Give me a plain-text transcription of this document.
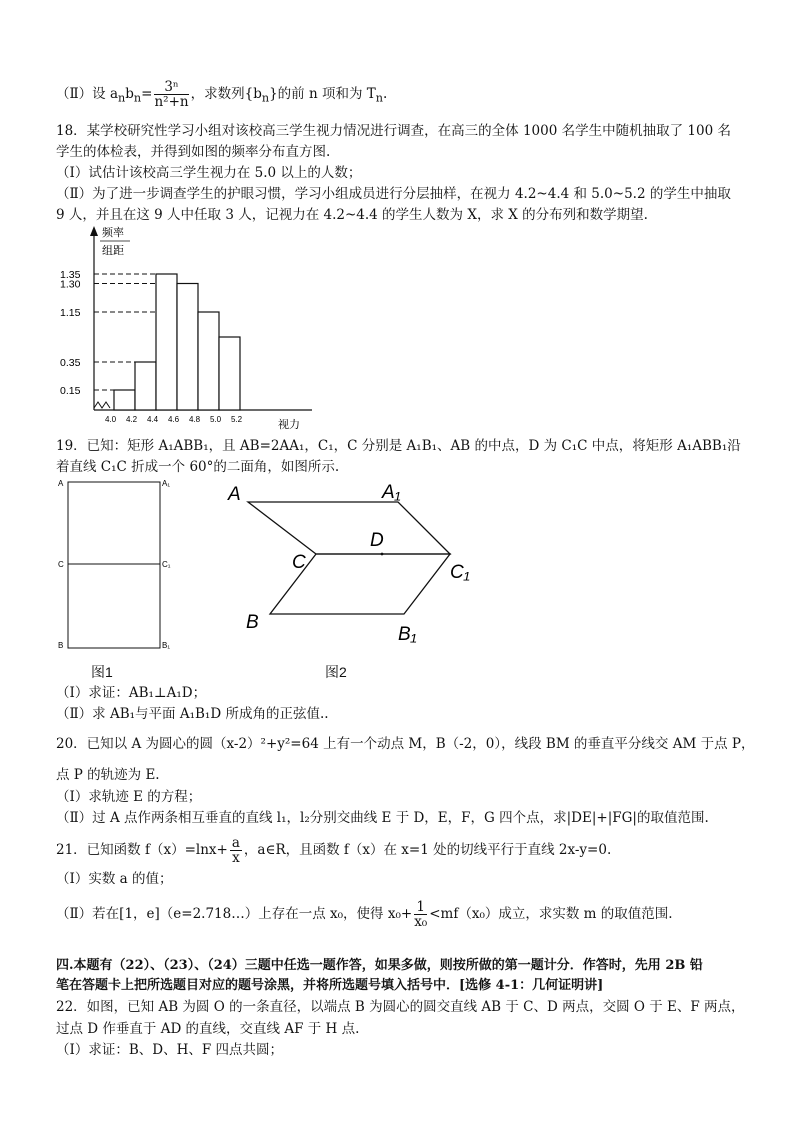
（Ⅱ）设 $a_nb_n= \frac{\text{3ⁿ}}{\text{n²+n}}$ ，求数列$\{b_n\}$的前 n 项和为 $T_n$.
18．某学校研究性学习小组对该校高三学生视力情况进行调查，在高三的全体 1000 名学生中随机抽取了 100 名
学生的体检表，并得到如图的频率分布直方图.
（Ⅰ）试估计该校高三学生视力在 5.0 以上的人数；
（Ⅱ）为了进一步调查学生的护眼习惯，学习小组成员进行分层抽样，在视力 4.2~4.4 和 5.0~5.2 的学生中抽取
9 人，并且在这 9 人中任取 3 人，记视力在 4.2~4.4 的学生人数为 X，求 X 的分布列和数学期望.
频率
组距
视力
0.15
0.35
1.15
1.30
1.35
4.0 4.2 4.4 4.6 4.8 5.0 5.2
19．已知：矩形 A₁ABB₁，且 AB=2AA₁，C₁，C 分别是 A₁B₁、AB 的中点，D 为 C₁C 中点，将矩形 A₁ABB₁沿
着直线 C₁C 折成一个 60°的二面角，如图所示.
A	A₁
C	C₁
B	B₁
图1
A	A₁
D
C	C₁
B
B₁
图2
（Ⅰ）求证：AB₁⊥A₁D；
（Ⅱ）求 AB₁与平面 A₁B₁D 所成角的正弦值..
20．已知以 A 为圆心的圆（x-2）²+y²=64 上有一个动点 M，B（-2，0），线段 BM 的垂直平分线交 AM 于点 P，
点 P 的轨迹为 E.
（Ⅰ）求轨迹 E 的方程；
（Ⅱ）过 A 点作两条相互垂直的直线 l₁，l₂分别交曲线 E 于 D，E，F，G 四个点，求|DE|+|FG|的取值范围.
21．已知函数 $f(x)=\ln x+ \frac{a}{x}$ ，a∈R，且函数 f（x）在 x=1 处的切线平行于直线 2x-y=0.
（Ⅰ）实数 a 的值；
（Ⅱ）若在[1，e]（e=2.718…）上存在一点 x₀，使得 $x_0+ \frac{1}{\text{x₀}} <mf(x_0)$成立，求实数 m 的取值范围.
四.本题有（22）、（23）、（24）三题中任选一题作答，如果多做，则按所做的第一题计分．作答时，先用 2B 铅
笔在答题卡上把所选题目对应的题号涂黑，并将所选题号填入括号中．[选修 4-1：几何证明讲]
22．如图，已知 AB 为圆 O 的一条直径，以端点 B 为圆心的圆交直线 AB 于 C、D 两点，交圆 O 于 E、F 两点，
过点 D 作垂直于 AD 的直线，交直线 AF 于 H 点.
（Ⅰ）求证：B、D、H、F 四点共圆；
